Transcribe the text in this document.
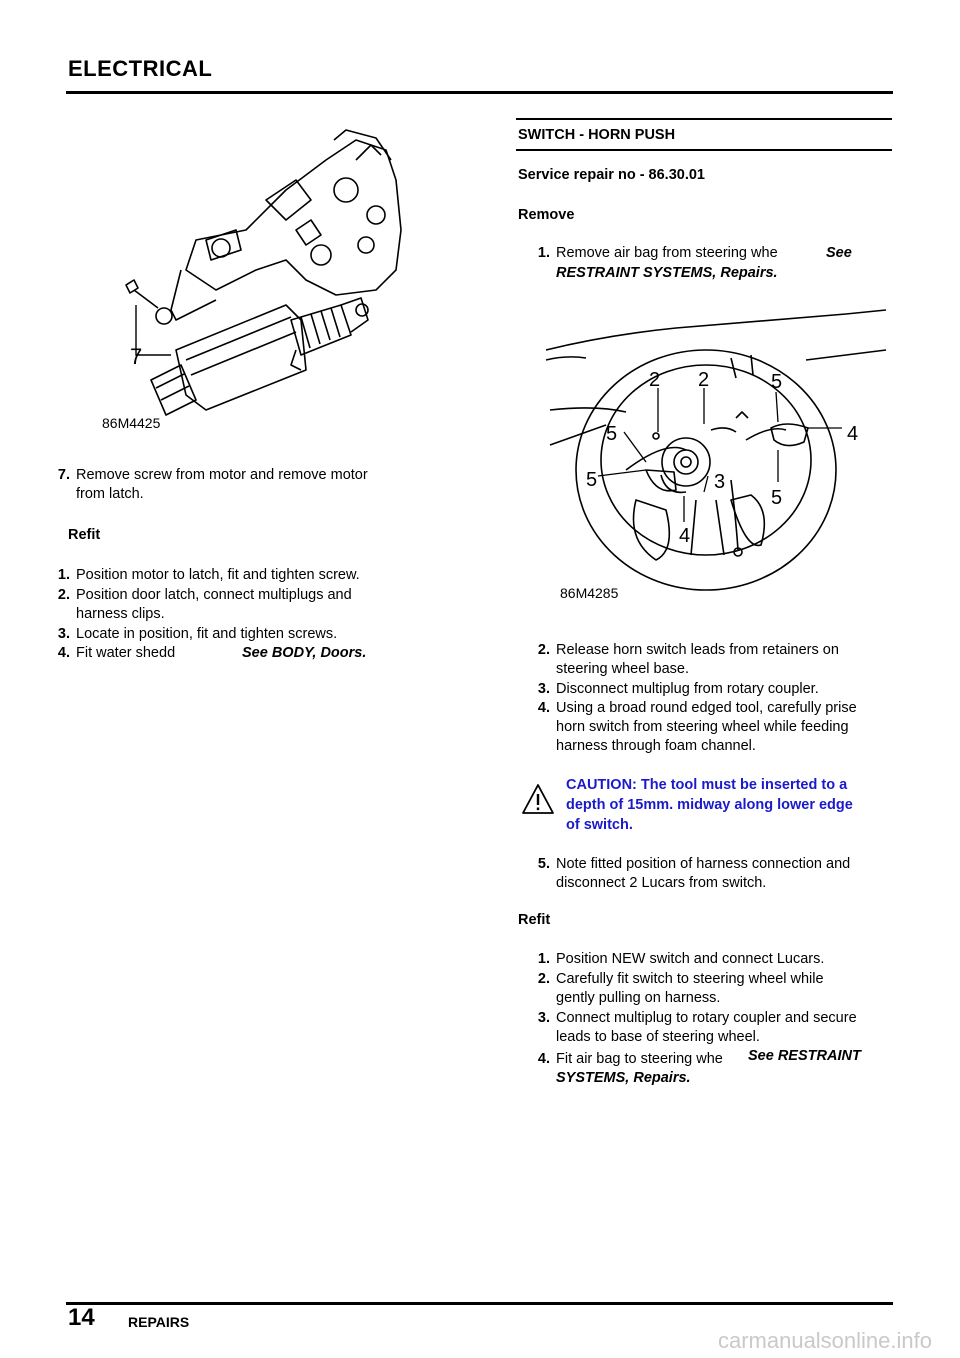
ELECTRICAL
7
86M4425
7. Remove screw from motor and remove motor
from latch.
Refit
1. Position motor to latch, fit and tighten screw.
2. Position door latch, connect multiplugs and
harness clips.
3. Locate in position, fit and tighten screws.
4. Fit water shedd	See BODY, Doors.
SWITCH - HORN PUSH
Service repair no - 86.30.01
Remove
1. Remove air bag from steering whe	See
RESTRAINT SYSTEMS, Repairs.
2 2	5
4
5
5	3
5
4
86M4285
2. Release horn switch leads from retainers on
steering wheel base.
3. Disconnect multiplug from rotary coupler.
4. Using a broad round edged tool, carefully prise
horn switch from steering wheel while feeding
harness through foam channel.
CAUTION: The tool must be inserted to a
depth of 15mm. midway along lower edge
of switch.
5. Note fitted position of harness connection and
disconnect 2 Lucars from switch.
Refit
1. Position NEW switch and connect Lucars.
2. Carefully fit switch to steering wheel while
gently pulling on harness.
3. Connect multiplug to rotary coupler and secure
leads to base of steering wheel.
4. Fit air bag to steering whe See RESTRAINT
SYSTEMS, Repairs.
14 REPAIRS
carmanualsonline.info
